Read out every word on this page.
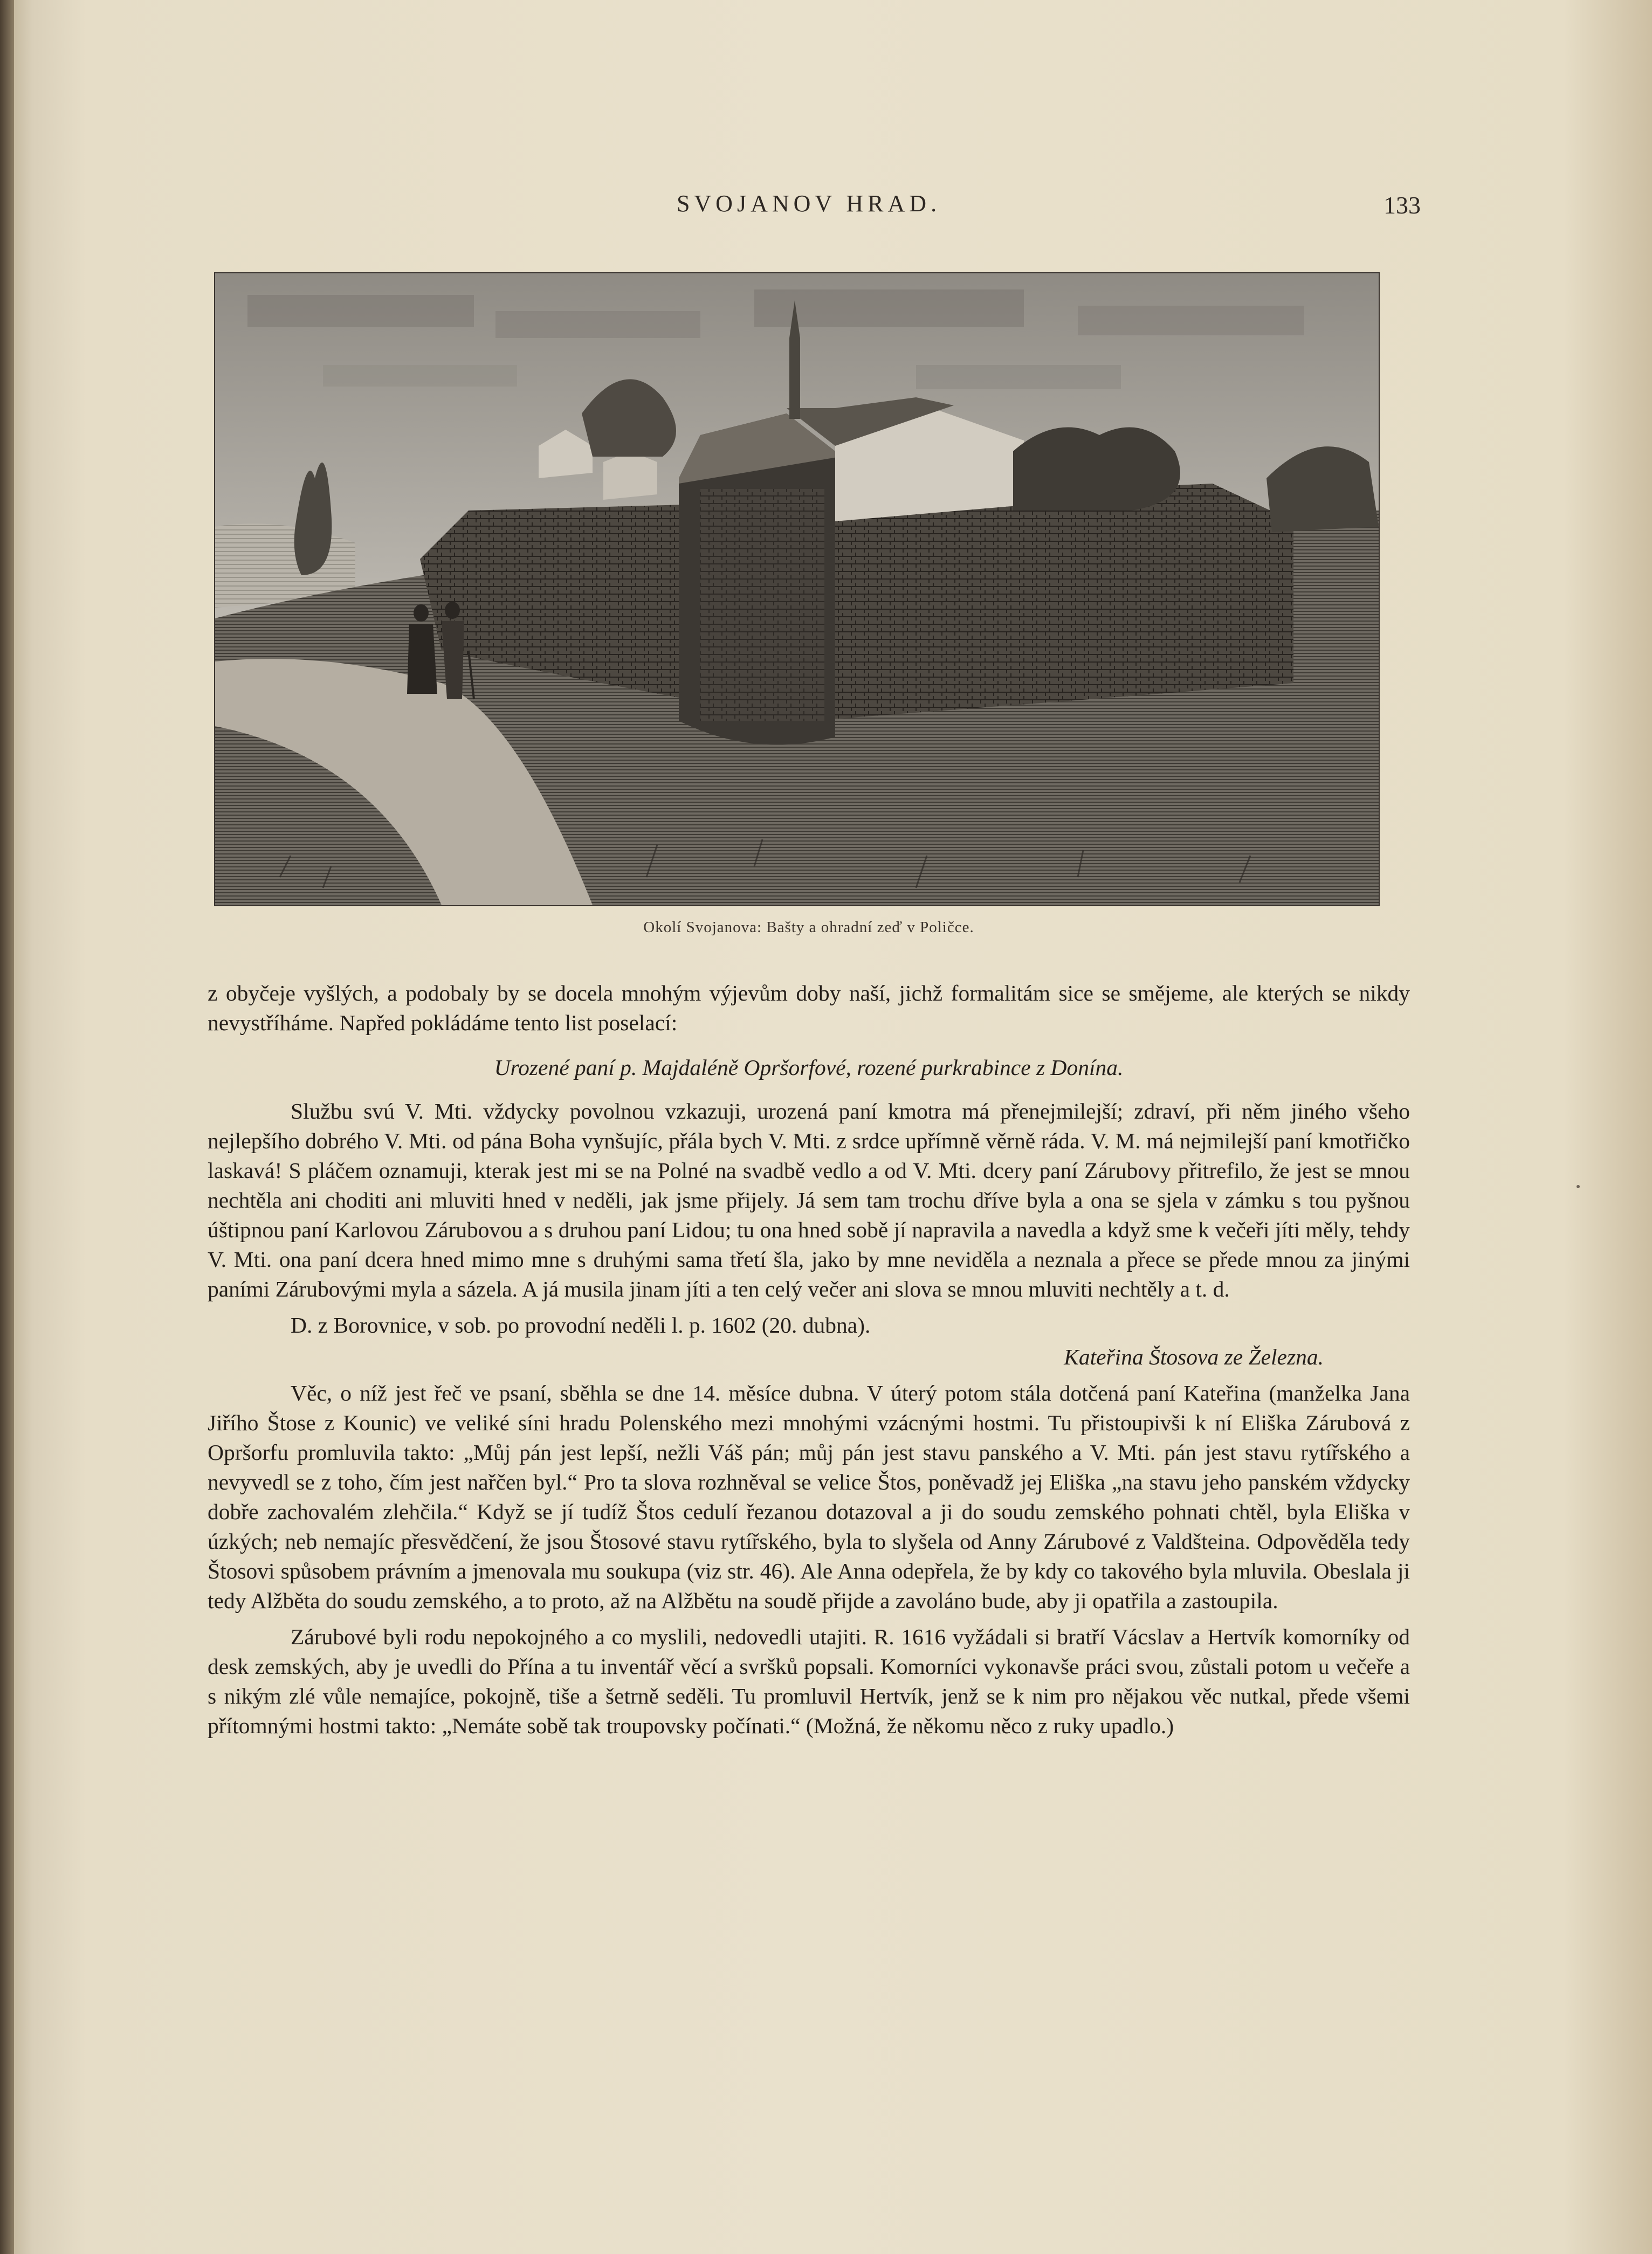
SVOJANOV HRAD.	133
Okolí Svojanova: Bašty a ohradní zeď v Poličce.

z obyčeje vyšlých, a podobaly by se docela mnohým výjevům doby naší, jichž formalitám sice se smějeme, ale kterých se nikdy nevystříháme. Napřed pokládáme tento list poselací:

Urozené paní p. Majdaléně Opršorfové, rozené purkrabince z Donína.

Službu svú V. Mti. vždycky povolnou vzkazuji, urozená paní kmotra má přenejmilejší; zdraví, při něm jiného všeho nejlepšího dobrého V. Mti. od pána Boha vynšujíc, přála bych V. Mti. z srdce upřímně věrně ráda. V. M. má nejmilejší paní kmotřičko laskavá! S pláčem oznamuji, kterak jest mi se na Polné na svadbě vedlo a od V. Mti. dcery paní Zárubovy přitrefilo, že jest se mnou nechtěla ani choditi ani mluviti hned v neděli, jak jsme přijely. Já sem tam trochu dříve byla a ona se sjela v zámku s tou pyšnou úštipnou paní Karlovou Zárubovou a s druhou paní Lidou; tu ona hned sobě jí napravila a navedla a když sme k večeři jíti měly, tehdy V. Mti. ona paní dcera hned mimo mne s druhými sama třetí šla, jako by mne neviděla a neznala a přece se přede mnou za jinými paními Zárubovými myla a sázela. A já musila jinam jíti a ten celý večer ani slova se mnou mluviti nechtěly a t. d.

D. z Borovnice, v sob. po provodní neděli l. p. 1602 (20. dubna).

Kateřina Štosova ze Železna.

Věc, o níž jest řeč ve psaní, sběhla se dne 14. měsíce dubna. V úterý potom stála dotčená paní Kateřina (manželka Jana Jiřího Štose z Kounic) ve veliké síni hradu Polenského mezi mnohými vzácnými hostmi. Tu přistoupivši k ní Eliška Zárubová z Opršorfu promluvila takto: „Můj pán jest lepší, nežli Váš pán; můj pán jest stavu panského a V. Mti. pán jest stavu rytířského a nevyvedl se z toho, čím jest nařčen byl.“ Pro ta slova rozhněval se velice Štos, poněvadž jej Eliška „na stavu jeho panském vždycky dobře zachovalém zlehčila.“ Když se jí tudíž Štos cedulí řezanou dotazoval a ji do soudu zemského pohnati chtěl, byla Eliška v úzkých; neb nemajíc přesvědčení, že jsou Štosové stavu rytířského, byla to slyšela od Anny Zárubové z Valdšteina. Odpověděla tedy Štosovi spůsobem právním a jmenovala mu soukupa (viz str. 46). Ale Anna odepřela, že by kdy co takového byla mluvila. Obeslala ji tedy Alžběta do soudu zemského, a to proto, až na Alžbětu na soudě přijde a zavoláno bude, aby ji opatřila a zastoupila.

Zárubové byli rodu nepokojného a co myslili, nedovedli utajiti. R. 1616 vyžádali si bratří Vácslav a Hertvík komorníky od desk zemských, aby je uvedli do Přína a tu inventář věcí a svršků popsali. Komorníci vykonavše práci svou, zůstali potom u večeře a s nikým zlé vůle nemajíce, pokojně, tiše a šetrně seděli. Tu promluvil Hertvík, jenž se k nim pro nějakou věc nutkal, přede všemi přítomnými hostmi takto: „Nemáte sobě tak troupovsky počínati.“ (Možná, že někomu něco z ruky upadlo.)
